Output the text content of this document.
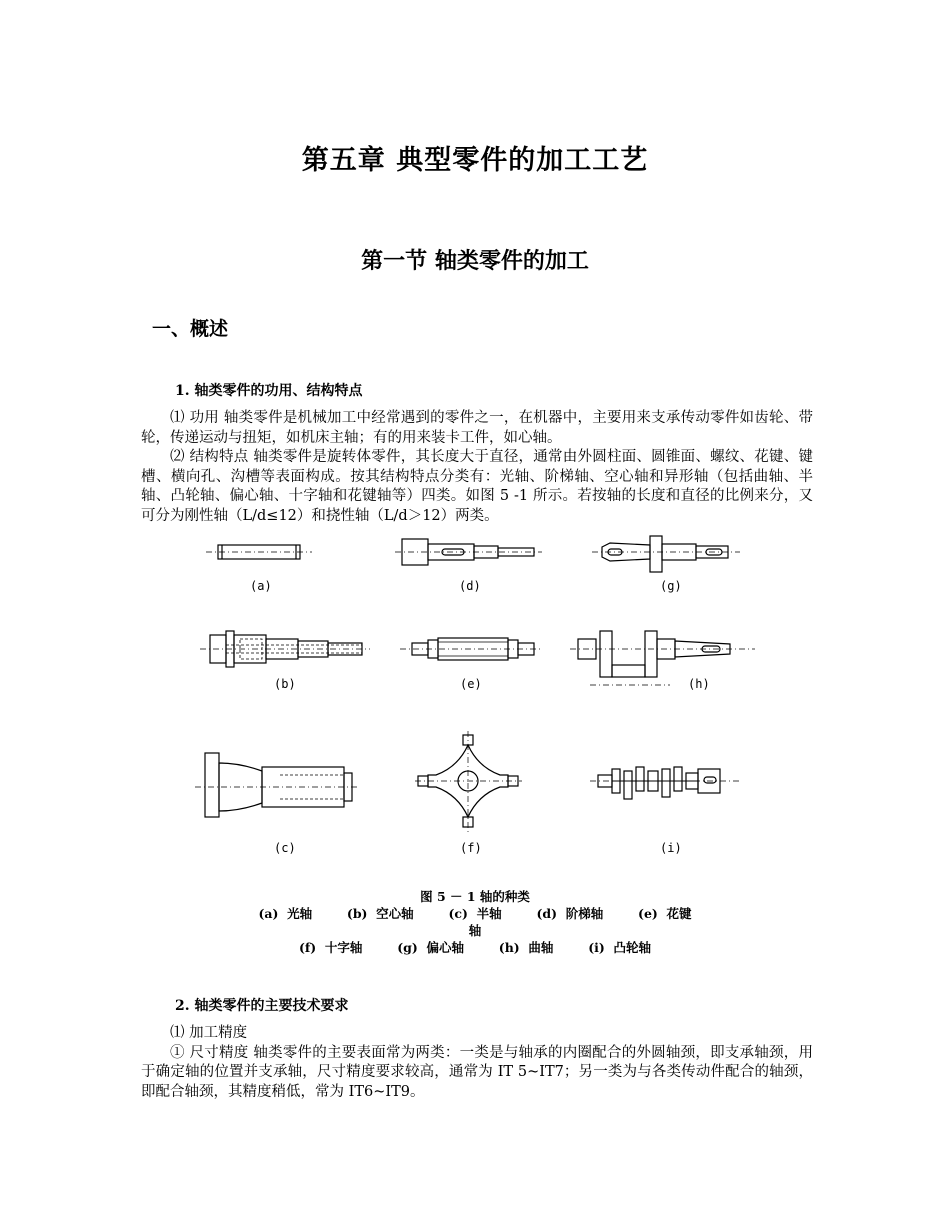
第五章 典型零件的加工工艺
第一节 轴类零件的加工
一、概述
1. 轴类零件的功用、结构特点

⑴ 功用 轴类零件是机械加工中经常遇到的零件之一，在机器中，主要用来支承传动零件如齿轮、带轮，传递运动与扭矩，如机床主轴；有的用来装卡工件，如心轴。

⑵ 结构特点 轴类零件是旋转体零件，其长度大于直径，通常由外圆柱面、圆锥面、螺纹、花键、键槽、横向孔、沟槽等表面构成。按其结构特点分类有：光轴、阶梯轴、空心轴和异形轴（包括曲轴、半轴、凸轮轴、偏心轴、十字轴和花键轴等）四类。如图 5 -1 所示。若按轴的长度和直径的比例来分，又可分为刚性轴（L/d≤12）和挠性轴（L/d＞12）两类。

(a)	(d)	(g)
(b)	(e)	(h)
(c)	(f)	(i)
图 5 － 1 轴的种类
(a)  光轴        (b)  空心轴        (c)  半轴        (d)  阶梯轴        (e)  花键
轴
(f)  十字轴        (g)  偏心轴        (h)  曲轴        (i)  凸轮轴
2. 轴类零件的主要技术要求

⑴ 加工精度

① 尺寸精度 轴类零件的主要表面常为两类：一类是与轴承的内圈配合的外圆轴颈，即支承轴颈，用于确定轴的位置并支承轴，尺寸精度要求较高，通常为 IT 5~IT7；另一类为与各类传动件配合的轴颈，即配合轴颈，其精度稍低，常为 IT6~IT9。
